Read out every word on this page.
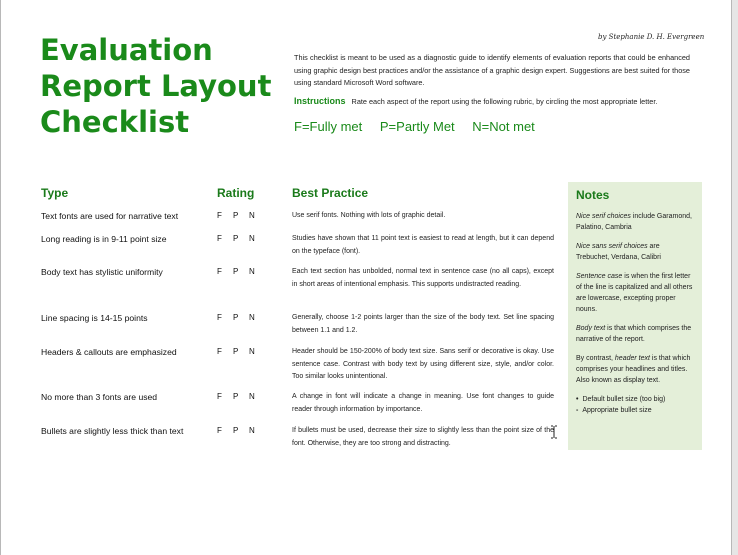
by Stephanie D. H. Evergreen
Evaluation
Report Layout
Checklist
This checklist is meant to be used as a diagnostic guide to identify elements of evaluation reports that could be enhanced using graphic design best practices and/or the assistance of a graphic design expert. Suggestions are best suited for those using standard Microsoft Word software.
Instructions Rate each aspect of the report using the following rubric, by circling the most appropriate letter.
F=Fully met P=Partly Met N=Not met
Type	Rating	Best Practice
Text fonts are used for narrative text	F P N	Use serif fonts. Nothing with lots of graphic detail.
Long reading is in 9-11 point size	F P N	Studies have shown that 11 point text is easiest to read at length, but it can depend on the typeface (font).
Body text has stylistic uniformity	F P N	Each text section has unbolded, normal text in sentence case (no all caps), except in short areas of intentional emphasis. This supports undistracted reading.
Line spacing is 14-15 points	F P N	Generally, choose 1-2 points larger than the size of the body text. Set line spacing between 1.1 and 1.2.
Headers & callouts are emphasized	F P N	Header should be 150-200% of body text size. Sans serif or decorative is okay. Use sentence case. Contrast with body text by using different size, style, and/or color. Too similar looks unintentional.
No more than 3 fonts are used	F P N	A change in font will indicate a change in meaning. Use font changes to guide reader through information by importance.
Bullets are slightly less thick than text	F P N	If bullets must be used, decrease their size to slightly less than the point size of the font. Otherwise, they are too strong and distracting.
Notes
Nice serif choices include Garamond, Palatino, Cambria
Nice sans serif choices are Trebuchet, Verdana, Calibri
Sentence case is when the first letter of the line is capitalized and all others are lowercase, excepting proper nouns.
Body text is that which comprises the narrative of the report.
By contrast, header text is that which comprises your headlines and titles. Also known as display text.
• Default bullet size (too big)
- Appropriate bullet size
